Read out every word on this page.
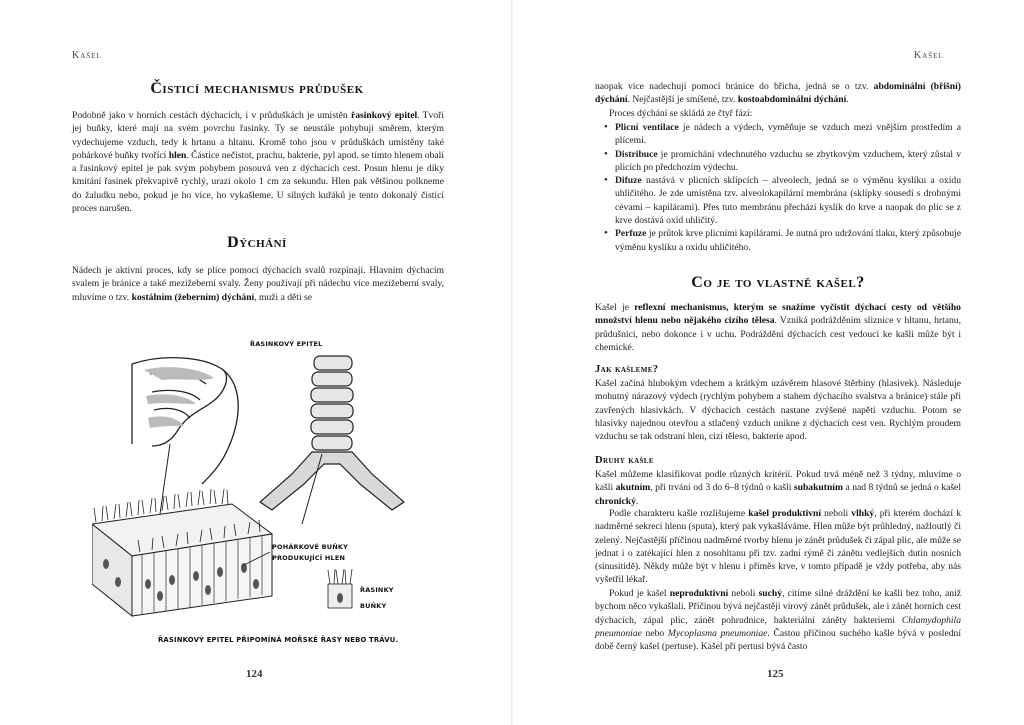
Kašel
Čisticí mechanismus průdušek

Podobně jako v horních cestách dýchacích, i v průduškách je umístěn řasinkový epitel. Tvoří jej buňky, které mají na svém povrchu řasinky. Ty se neustále pohybují směrem, kterým vydechujeme vzduch, tedy k hrtanu a hltanu. Kromě toho jsou v průduškách umístěny také pohárkové buňky tvořící hlen. Částice nečistot, prachu, bakterie, pyl apod. se tímto hlenem obalí a řasinkový epitel je pak svým pohybem posouvá ven z dýchacích cest. Posun hlenu je díky kmitání řasinek překvapivě rychlý, urazí okolo 1 cm za sekundu. Hlen pak většinou polkneme do žaludku nebo, pokud je ho více, ho vykašleme. U silných kuřáků je tento dokonalý čisticí proces narušen.

Dýchání

Nádech je aktivní proces, kdy se plíce pomocí dýchacích svalů rozpínají. Hlavním dýchacím svalem je bránice a také mezižeberní svaly. Ženy používají při nádechu více mezižeberní svaly, mluvíme o tzv. kostálním (žeberním) dýchání, muži a děti se

ŘASINKOVÝ EPITEL
POHÁRKOVÉ BUŇKY
PRODUKUJÍCÍ HLEN
ŘASINKY
BUŇKY
ŘASINKOVÝ EPITEL PŘIPOMÍNÁ MOŘSKÉ ŘASY NEBO TRÁVU.
124
Kašel

naopak více nadechují pomocí bránice do břicha, jedná se o tzv. abdominální (břišní) dýchání. Nejčastější je smíšené, tzv. kostoabdominální dýchání.

Proces dýchání se skládá ze čtyř fází:

• Plicní ventilace je nádech a výdech, vyměňuje se vzduch mezi vnějším prostředím a plícemi.
• Distribuce je promíchání vdechnutého vzduchu se zbytkovým vzduchem, který zůstal v plicích po předchozím výdechu.
• Difuze nastává v plicních sklípcích – alveolech, jedná se o výměnu kyslíku a oxidu uhličitého. Je zde umístěna tzv. alveolokapilární membrána (sklípky sousedí s drobnými cévami – kapilárami). Přes tuto membránu přechází kyslík do krve a naopak do plic se z krve dostává oxid uhličitý.
• Perfuze je průtok krve plicními kapilárami. Je nutná pro udržování tlaku, který způsobuje výměnu kyslíku a oxidu uhličitého.
Co je to vlastně kašel?

Kašel je reflexní mechanismus, kterým se snažíme vyčistit dýchací cesty od většího množství hlenu nebo nějakého cizího tělesa. Vzniká podrážděním sliznice v hltanu, hrtanu, průdušnici, nebo dokonce i v uchu. Podráždění dýchacích cest vedoucí ke kašli může být i chemické.

Jak kašleme?

Kašel začíná hlubokým vdechem a krátkým uzávěrem hlasové štěrbiny (hlasivek). Následuje mohutný nárazový výdech (rychlým pohybem a stahem dýchacího svalstva a bránice) stále při zavřených hlasivkách. V dýchacích cestách nastane zvýšené napětí vzduchu. Potom se hlasivky najednou otevřou a stlačený vzduch unikne z dýchacích cest ven. Rychlým proudem vzduchu se tak odstraní hlen, cizí těleso, bakterie apod.

Druhy kašle

Kašel můžeme klasifikovat podle různých kritérií. Pokud trvá méně než 3 týdny, mluvíme o kašli akutním, při trvání od 3 do 6–8 týdnů o kašli subakutním a nad 8 týdnů se jedná o kašel chronický.

Podle charakteru kašle rozlišujeme kašel produktivní neboli vlhký, při kterém dochází k nadměrné sekreci hlenu (sputa), který pak vykašláváme. Hlen může být průhledný, nažloutlý či zelený. Nejčastější příčinou nadměrné tvorby hlenu je zánět průdušek či zápal plic, ale může se jednat i o zatékající hlen z nosohltanu při tzv. zadní rýmě či zánětu vedlejších dutin nosních (sinusitidě). Někdy může být v hlenu i příměs krve, v tomto případě je vždy potřeba, aby nás vyšetřil lékař.

Pokud je kašel neproduktivní neboli suchý, cítíme silné dráždění ke kašli bez toho, aniž bychom něco vykašlali. Příčinou bývá nejčastěji virový zánět průdušek, ale i zánět horních cest dýchacích, zápal plic, zánět pohrudnice, bakteriální záněty bakteriemi Chlamydophila pneumoniae nebo Mycoplasma pneumoniae. Častou příčinou suchého kašle bývá v poslední době černý kašel (pertuse). Kašel při pertusi bývá často

125
